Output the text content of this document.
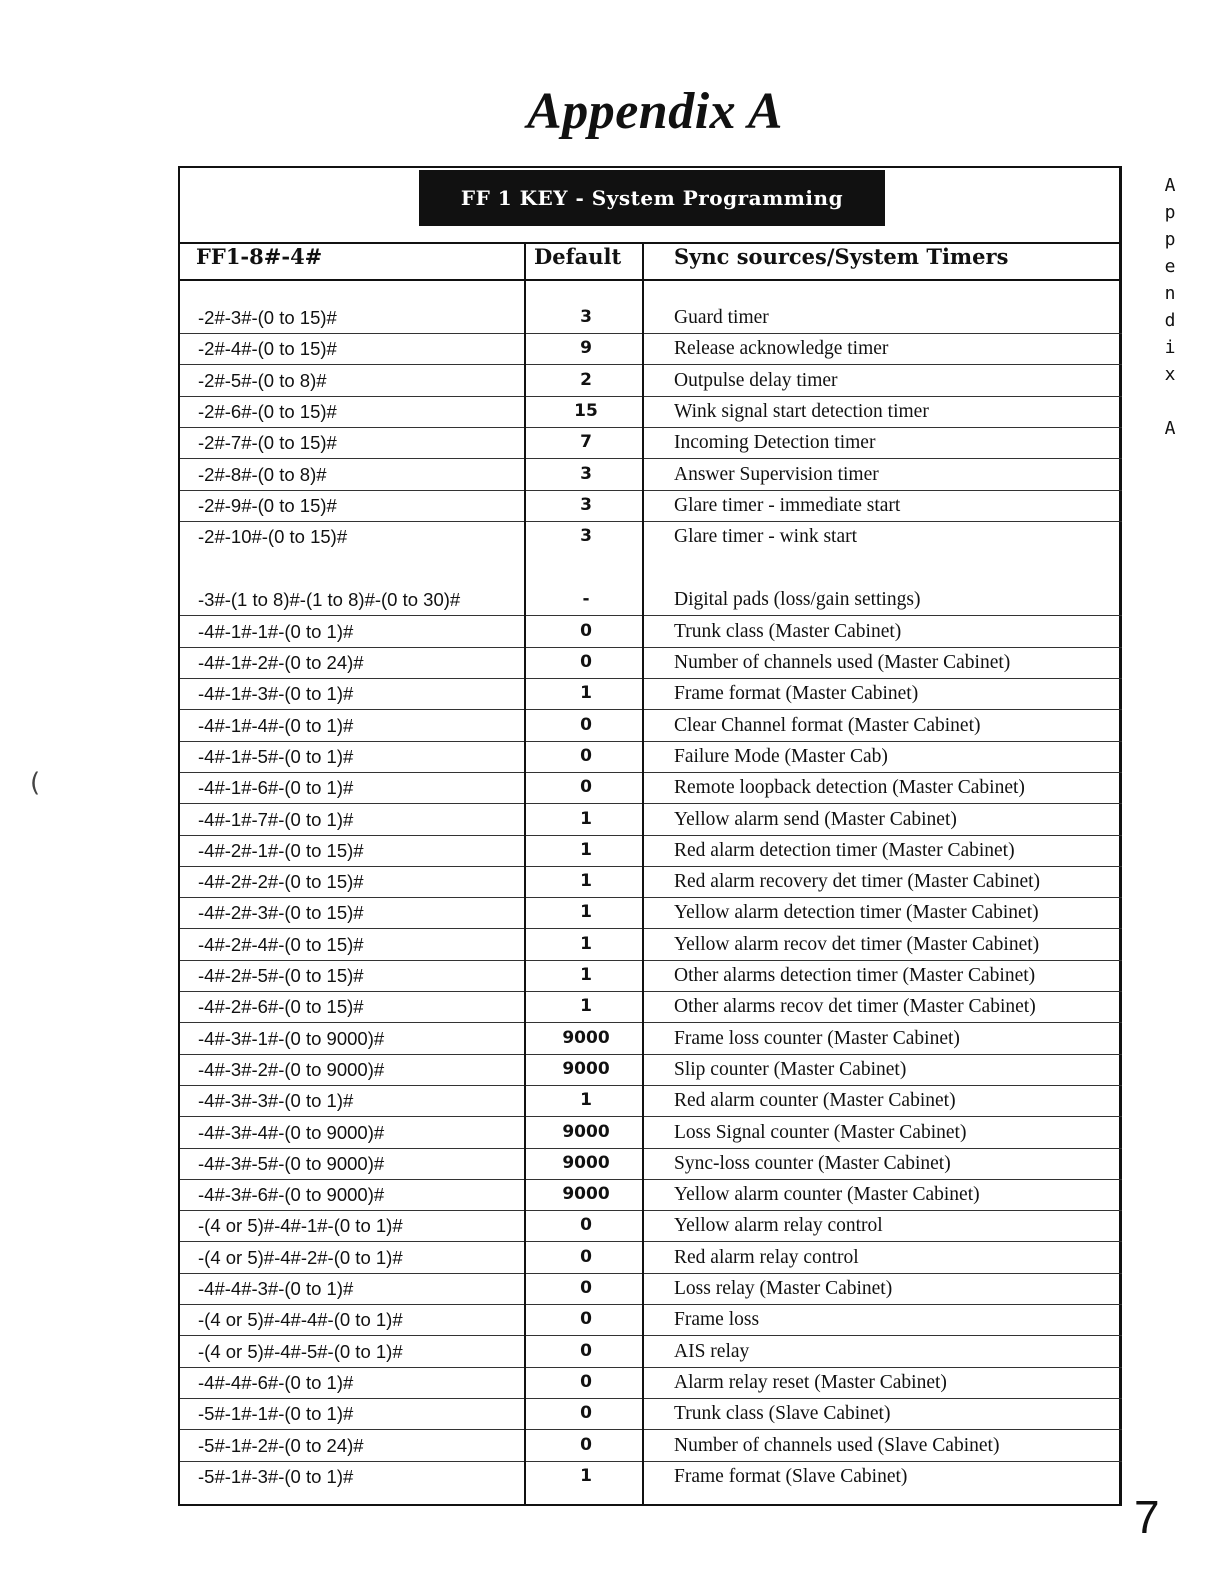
Appendix A
FF 1 KEY - System Programming
FF1-8#-4#	Default	Sync sources/System Timers
-2#-3#-(0 to 15)#	3	Guard timer
-2#-4#-(0 to 15)#	9	Release acknowledge timer
-2#-5#-(0 to 8)#	2	Outpulse delay timer
-2#-6#-(0 to 15)#	15	Wink signal start detection timer
-2#-7#-(0 to 15)#	7	Incoming Detection timer
-2#-8#-(0 to 8)#	3	Answer Supervision timer
-2#-9#-(0 to 15)#	3	Glare timer - immediate start
-2#-10#-(0 to 15)#	3	Glare timer - wink start
-3#-(1 to 8)#-(1 to 8)#-(0 to 30)#	-	Digital pads (loss/gain settings)
-4#-1#-1#-(0 to 1)#	0	Trunk class (Master Cabinet)
-4#-1#-2#-(0 to 24)#	0	Number of channels used (Master Cabinet)
-4#-1#-3#-(0 to 1)#	1	Frame format (Master Cabinet)
-4#-1#-4#-(0 to 1)#	0	Clear Channel format (Master Cabinet)
-4#-1#-5#-(0 to 1)#	0	Failure Mode (Master Cab)
-4#-1#-6#-(0 to 1)#	0	Remote loopback detection (Master Cabinet)
-4#-1#-7#-(0 to 1)#	1	Yellow alarm send (Master Cabinet)
-4#-2#-1#-(0 to 15)#	1	Red alarm detection timer (Master Cabinet)
-4#-2#-2#-(0 to 15)#	1	Red alarm recovery det timer (Master Cabinet)
-4#-2#-3#-(0 to 15)#	1	Yellow alarm detection timer (Master Cabinet)
-4#-2#-4#-(0 to 15)#	1	Yellow alarm recov det timer (Master Cabinet)
-4#-2#-5#-(0 to 15)#	1	Other alarms detection timer (Master Cabinet)
-4#-2#-6#-(0 to 15)#	1	Other alarms recov det timer (Master Cabinet)
-4#-3#-1#-(0 to 9000)#	9000	Frame loss counter (Master Cabinet)
-4#-3#-2#-(0 to 9000)#	9000	Slip counter (Master Cabinet)
-4#-3#-3#-(0 to 1)#	1	Red alarm counter (Master Cabinet)
-4#-3#-4#-(0 to 9000)#	9000	Loss Signal counter (Master Cabinet)
-4#-3#-5#-(0 to 9000)#	9000	Sync-loss counter (Master Cabinet)
-4#-3#-6#-(0 to 9000)#	9000	Yellow alarm counter (Master Cabinet)
-(4 or 5)#-4#-1#-(0 to 1)#	0	Yellow alarm relay control
-(4 or 5)#-4#-2#-(0 to 1)#	0	Red alarm relay control
-4#-4#-3#-(0 to 1)#	0	Loss relay (Master Cabinet)
-(4 or 5)#-4#-4#-(0 to 1)#	0	Frame loss
-(4 or 5)#-4#-5#-(0 to 1)#	0	AIS relay
-4#-4#-6#-(0 to 1)#	0	Alarm relay reset (Master Cabinet)
-5#-1#-1#-(0 to 1)#	0	Trunk class (Slave Cabinet)
-5#-1#-2#-(0 to 24)#	0	Number of channels used (Slave Cabinet)
-5#-1#-3#-(0 to 1)#	1	Frame format (Slave Cabinet)
A
p
p
e
n
d
i
x
A
(
7
